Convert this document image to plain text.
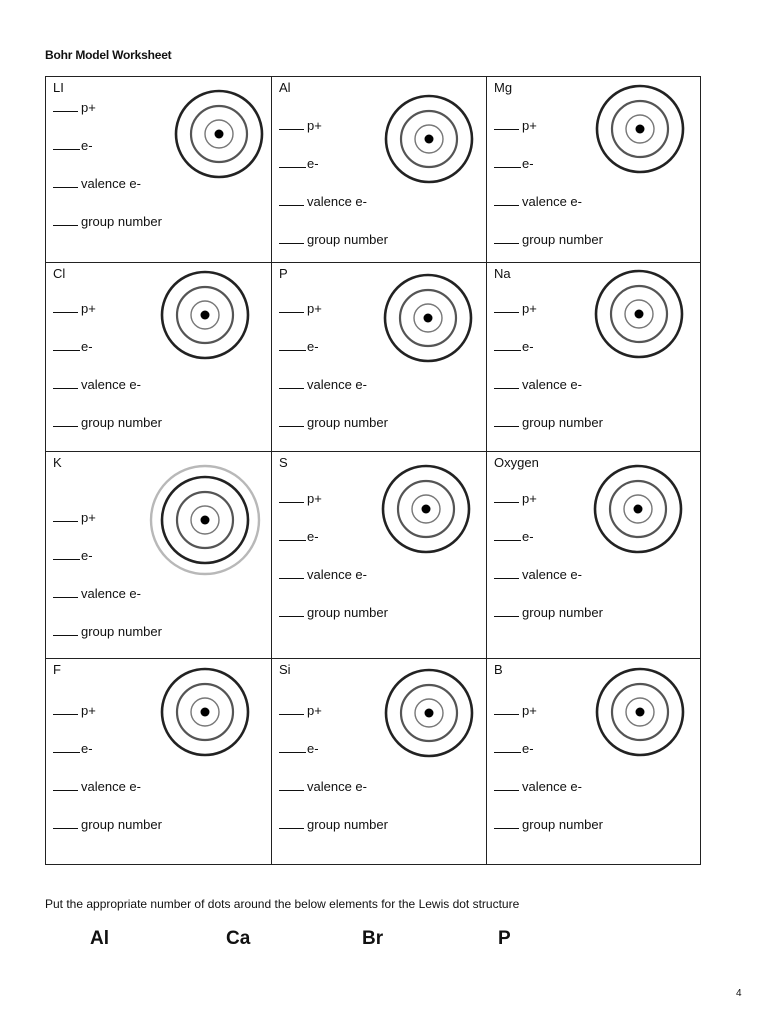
Bohr Model Worksheet
LI
p+
e-
valence e-
group number
Al
p+
e-
valence e-
group number
Mg
p+
e-
valence e-
group number
Cl
p+
e-
valence e-
group number
P
p+
e-
valence e-
group number
Na
p+
e-
valence e-
group number
K
p+
e-
valence e-
group number
S
p+
e-
valence e-
group number
Oxygen
p+
e-
valence e-
group number
F
p+
e-
valence e-
group number
Si
p+
e-
valence e-
group number
B
p+
e-
valence e-
group number
Put the appropriate number of dots around the below elements for the Lewis dot structure
Al	Ca	Br	P
4
